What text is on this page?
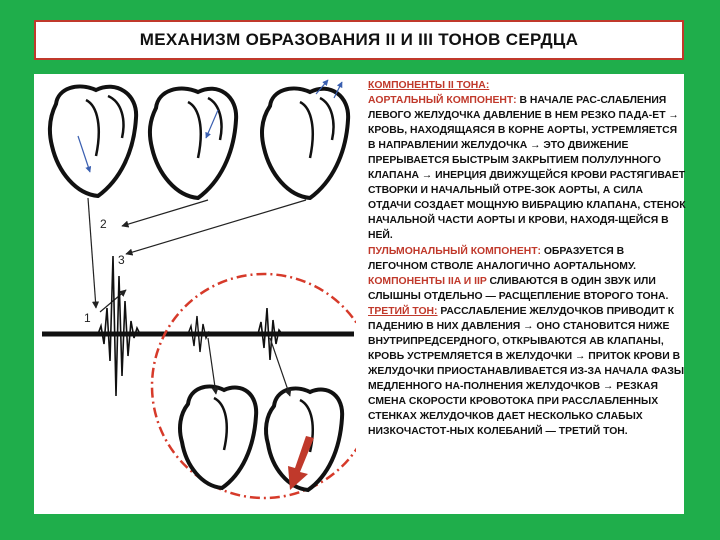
МЕХАНИЗМ ОБРАЗОВАНИЯ II И III ТОНОВ СЕРДЦА
1
2
3

КОМПОНЕНТЫ II ТОНА:

АОРТАЛЬНЫЙ КОМПОНЕНТ: В НАЧАЛЕ РАС-СЛАБЛЕНИЯ ЛЕВОГО ЖЕЛУДОЧКА ДАВЛЕНИЕ В НЕМ РЕЗКО ПАДА-ЕТ → КРОВЬ, НАХОДЯЩАЯСЯ В КОРНЕ АОРТЫ, УСТРЕМЛЯЕТСЯ В НАПРАВЛЕНИИ ЖЕЛУДОЧКА → ЭТО ДВИЖЕНИЕ ПРЕРЫВАЕТСЯ БЫСТРЫМ ЗАКРЫТИЕМ ПОЛУЛУННОГО КЛАПАНА → ИНЕРЦИЯ ДВИЖУЩЕЙСЯ КРОВИ РАСТЯГИВАЕТ СТВОРКИ И НАЧАЛЬНЫЙ ОТРЕ-ЗОК АОРТЫ, А СИЛА ОТДАЧИ СОЗДАЕТ МОЩНУЮ ВИБРАЦИЮ КЛАПАНА, СТЕНОК НАЧАЛЬНОЙ ЧАСТИ АОРТЫ И КРОВИ, НАХОДЯ-ЩЕЙСЯ В НЕЙ.

ПУЛЬМОНАЛЬНЫЙ КОМПОНЕНТ: ОБРАЗУЕТСЯ В ЛЕГОЧНОМ СТВОЛЕ АНАЛОГИЧНО АОРТАЛЬНОМУ.

КОМПОНЕНТЫ IIA И IIP СЛИВАЮТСЯ В ОДИН ЗВУК ИЛИ СЛЫШНЫ ОТДЕЛЬНО — РАСЩЕПЛЕНИЕ ВТОРОГО ТОНА.

ТРЕТИЙ ТОН: РАССЛАБЛЕНИЕ ЖЕЛУДОЧКОВ ПРИВОДИТ К ПАДЕНИЮ В НИХ ДАВЛЕНИЯ → ОНО СТАНОВИТСЯ НИЖЕ ВНУТРИПРЕДСЕРДНОГО, ОТКРЫВАЮТСЯ АВ КЛАПАНЫ, КРОВЬ УСТРЕМЛЯЕТСЯ В ЖЕЛУДОЧКИ → ПРИТОК КРОВИ В ЖЕЛУДОЧКИ ПРИОСТАНАВЛИВАЕТСЯ ИЗ-ЗА НАЧАЛА ФАЗЫ МЕДЛЕННОГО НА-ПОЛНЕНИЯ ЖЕЛУДОЧКОВ → РЕЗКАЯ СМЕНА СКОРОСТИ КРОВОТОКА ПРИ РАССЛАБЛЕННЫХ СТЕНКАХ ЖЕЛУДОЧКОВ ДАЕТ НЕСКОЛЬКО СЛАБЫХ НИЗКОЧАСТОТ-НЫХ КОЛЕБАНИЙ — ТРЕТИЙ ТОН.
